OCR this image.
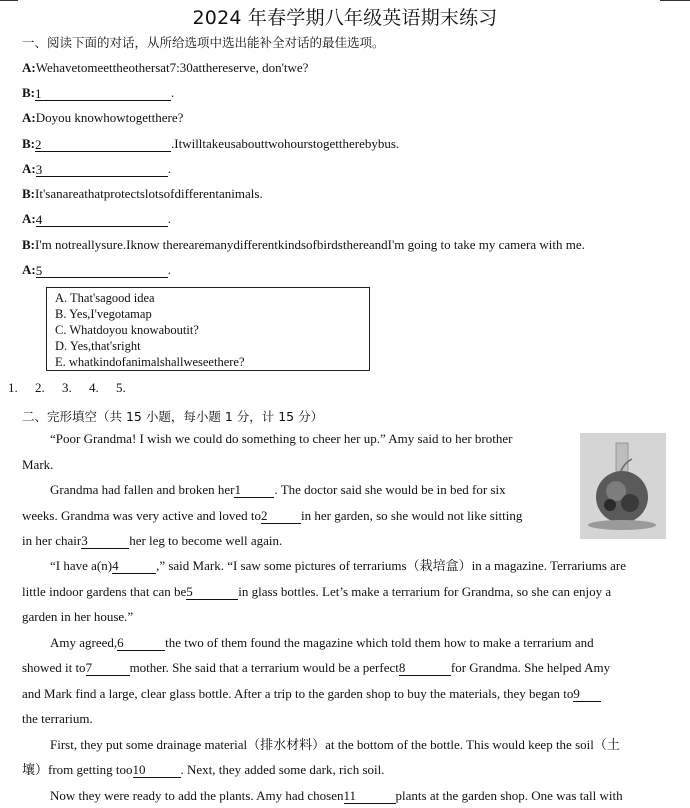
2024 年春学期八年级英语期末练习
一、阅读下面的对话，从所给选项中选出能补全对话的最佳选项。
A:Wehavetomeettheothersat7:30atthereserve, don'twe?
B:1	.
A:Doyou knowhowtogetthere?
B:2	.Itwilltakeusabouttwohourstogettherebybus.
A:3	.
B:It'sanareathatprotectslotsofdifferentanimals.
A:4	.
B:I'm notreallysure.Iknow therearemanydifferentkindsofbirdsthereandI'm going to take my camera with me.
A:5	.
A. That'sagood idea
B. Yes,I'vegotamap
C. Whatdoyou knowaboutit?
D. Yes,that'sright
E. whatkindofanimalshallweseethere?
1. 2. 3. 4. 5.
二、完形填空（共 15 小题，每小题 1 分，计 15 分）
“Poor Grandma! I wish we could do something to cheer her up.” Amy said to her brother
Mark.
Grandma had fallen and broken her1	. The doctor said she would be in bed for six
weeks. Grandma was very active and loved to2	in her garden, so she would not like sitting
in her chair3	her leg to become well again.
“I have a(n)4	,” said Mark. “I saw some pictures of terrariums（栽培盒）in a magazine. Terrariums are
little indoor gardens that can be5	in glass bottles. Let’s make a terrarium for Grandma, so she can enjoy a
garden in her house.”
Amy agreed,6	the two of them found the magazine which told them how to make a terrarium and
showed it to7	mother. She said that a terrarium would be a perfect8	for Grandma. She helped Amy
and Mark find a large, clear glass bottle. After a trip to the garden shop to buy the materials, they began to9
the terrarium.
First, they put some drainage material（排水材料）at the bottom of the bottle. This would keep the soil（土
壤）from getting too10	. Next, they added some dark, rich soil.
Now they were ready to add the plants. Amy had chosen11	plants at the garden shop. One was tall with
